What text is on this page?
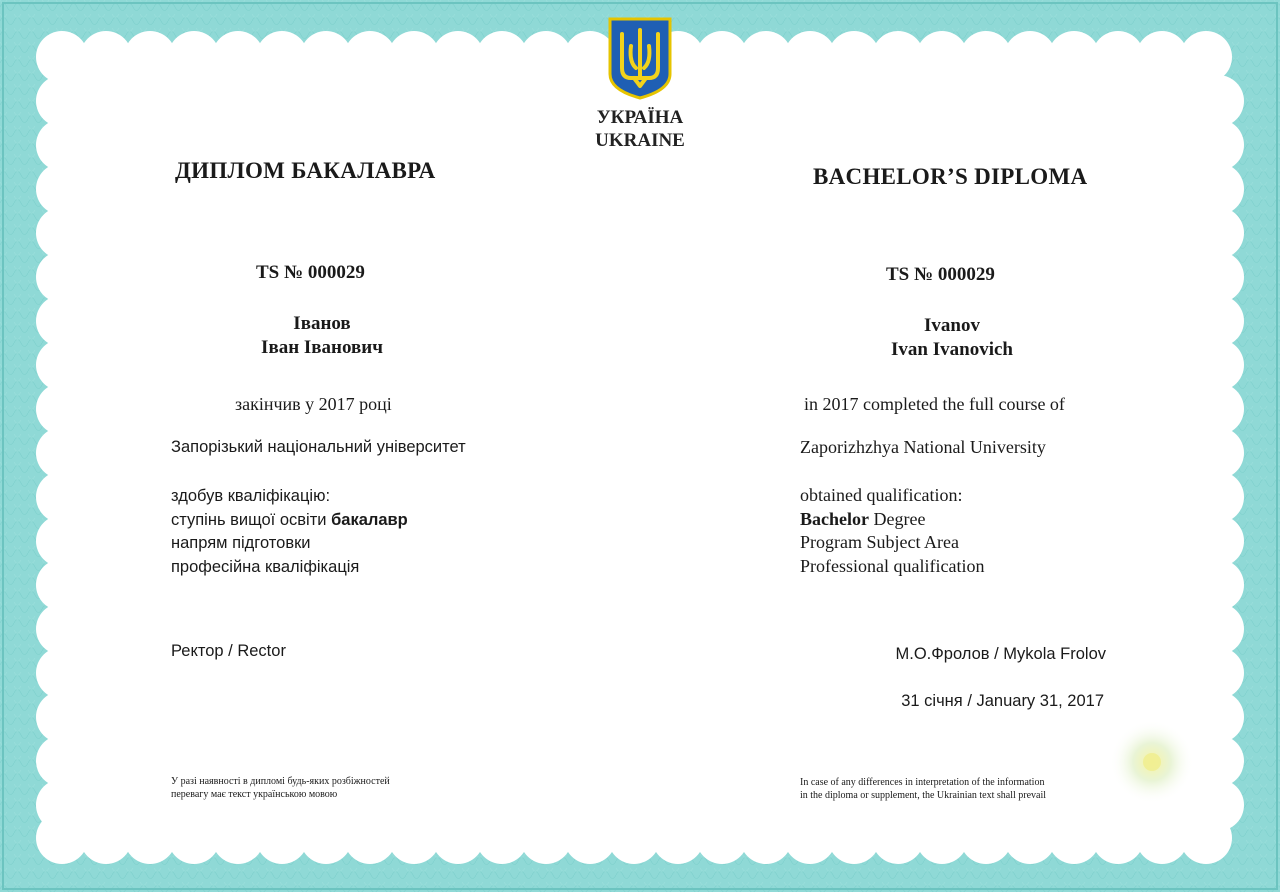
УКРАЇНА
UKRAINE
ДИПЛОМ БАКАЛАВРА
TS № 000029
Іванов
Іван Іванович
закінчив у 2017 році
Запорізький національний університет
здобув кваліфікацію:
ступінь вищої освіти бакалавр
напрям підготовки
професійна кваліфікація
Ректор / Rector
У разі наявності в дипломі будь-яких розбіжностей
перевагу має текст українською мовою
BACHELOR’S DIPLOMA
TS № 000029
Ivanov
Ivan Ivanovich
in 2017 completed the full course of
Zaporizhzhya National University
obtained qualification:
Bachelor Degree
Program Subject Area
Professional qualification
М.О.Фролов / Mykola Frolov
31 січня / January 31, 2017
In case of any differences in interpretation of the information
in the diploma or supplement, the Ukrainian text shall prevail
